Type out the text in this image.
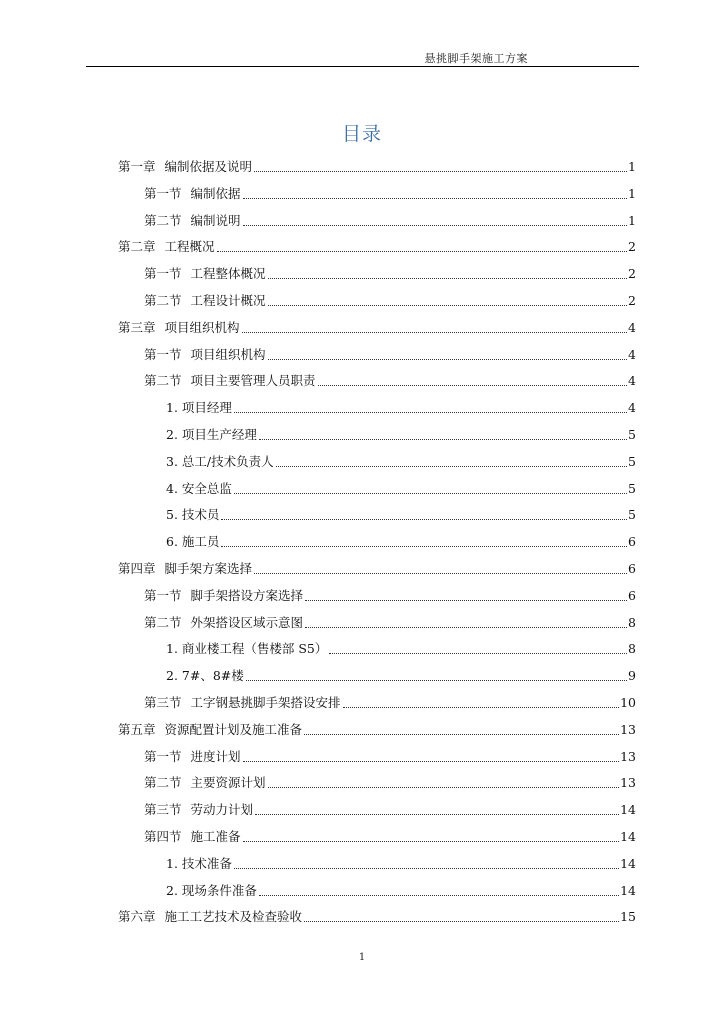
悬挑脚手架施工方案
目录
第一章 编制依据及说明	1
第一节 编制依据	1
第二节 编制说明	1
第二章 工程概况	2
第一节 工程整体概况	2
第二节 工程设计概况	2
第三章 项目组织机构	4
第一节 项目组织机构	4
第二节 项目主要管理人员职责	4
1. 项目经理	4
2. 项目生产经理	5
3. 总工/技术负责人	5
4. 安全总监	5
5. 技术员	5
6. 施工员	6
第四章 脚手架方案选择	6
第一节 脚手架搭设方案选择	6
第二节 外架搭设区域示意图	8
1. 商业楼工程（售楼部 S5）	8
2. 7#、8#楼	9
第三节 工字钢悬挑脚手架搭设安排	10
第五章 资源配置计划及施工准备	13
第一节 进度计划	13
第二节 主要资源计划	13
第三节 劳动力计划	14
第四节 施工准备	14
1. 技术准备	14
2. 现场条件准备	14
第六章 施工工艺技术及检查验收	15
1
